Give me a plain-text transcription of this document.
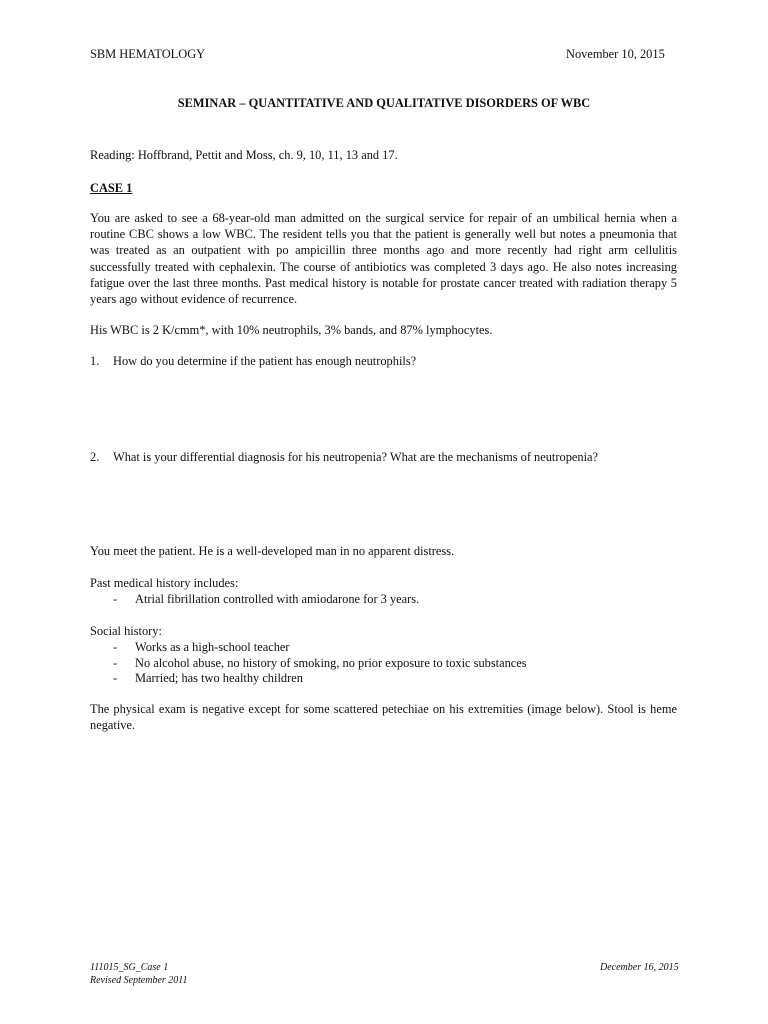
SBM HEMATOLOGY	November 10, 2015
SEMINAR – QUANTITATIVE AND QUALITATIVE DISORDERS OF WBC
Reading: Hoffbrand, Pettit and Moss, ch. 9, 10, 11, 13 and 17.
CASE 1
You are asked to see a 68-year-old man admitted on the surgical service for repair of an umbilical hernia when a routine CBC shows a low WBC. The resident tells you that the patient is generally well but notes a pneumonia that was treated as an outpatient with po ampicillin three months ago and more recently had right arm cellulitis successfully treated with cephalexin. The course of antibiotics was completed 3 days ago. He also notes increasing fatigue over the last three months. Past medical history is notable for prostate cancer treated with radiation therapy 5 years ago without evidence of recurrence.
His WBC is 2 K/cmm*, with 10% neutrophils, 3% bands, and 87% lymphocytes.
1. How do you determine if the patient has enough neutrophils?
2. What is your differential diagnosis for his neutropenia? What are the mechanisms of neutropenia?
You meet the patient. He is a well-developed man in no apparent distress.
Past medical history includes:
- Atrial fibrillation controlled with amiodarone for 3 years.
Social history:
- Works as a high-school teacher
- No alcohol abuse, no history of smoking, no prior exposure to toxic substances
- Married; has two healthy children
The physical exam is negative except for some scattered petechiae on his extremities (image below). Stool is heme negative.
111015_SG_Case 1
Revised September 2011
December 16, 2015
